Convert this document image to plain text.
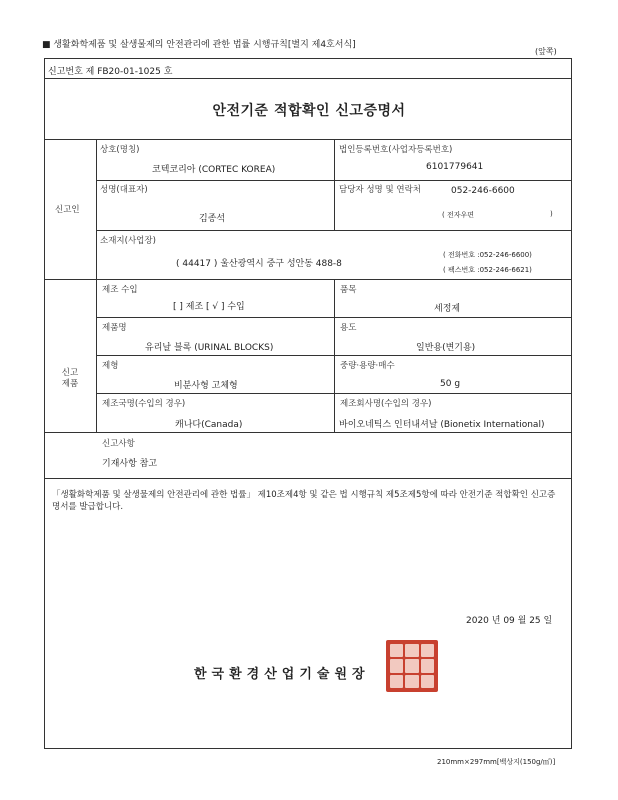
■ 생활화학제품 및 살생물제의 안전관리에 관한 법률 시행규칙[별지 제4호서식]
(앞쪽)
신고번호 제 FB20-01-1025 호
안전기준 적합확인 신고증명서
신고인
상호(명칭)
코텍코리아 (CORTEC KOREA)
법인등록번호(사업자등록번호)
6101779641
성명(대표자)
김종석
담당자 성명 및 연락처	052-246-6600
( 전자우편	)
소재지(사업장)
( 44417 ) 울산광역시 중구 성안동 488-8
( 전화번호 :052-246-6600)
( 팩스번호 :052-246-6621)
신고
제품
제조 수입
[ ] 제조 [ √ ] 수입
품목
세정제
제품명
유리날 블록 (URINAL BLOCKS)
용도
일반용(변기용)
제형
비분사형 고체형
중량·용량·매수
50 g
제조국명(수입의 경우)
캐나다(Canada)
제조회사명(수입의 경우)
바이오네틱스 인터내셔날 (Bionetix International)
신고사항
기재사항 참고
「생활화학제품 및 살생물제의 안전관리에 관한 법률」 제10조제4항 및 같은 법 시행규칙 제5조제5항에 따라 안전기준 적합확인 신고증명서를 발급합니다.
2020 년 09 월 25 일
한국환경산업기술원장
210mm×297mm[백상지(150g/㎡)]
